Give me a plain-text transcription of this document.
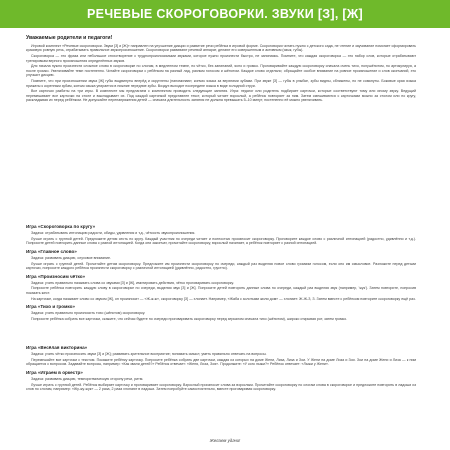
РЕЧЕВЫЕ СКОРОГОВОРКИ. ЗВУКИ [З], [Ж]
Уважаемые родители и педагоги!

Игровой комплект «Речевые скороговорки. Звуки [З] и [Ж]» направлен на улучшение дикции и развитие речи ребёнка в игровой форме. Скороговорки читать нужно с детского сада, не чтение и заучивание помогает сформировать красивую ровную речь, отрабатывать правильное звукопроизношение. Скороговорки развивают речевой аппарат, делают его совершенным и активным (язык, губы).

Скороговорка — это фраза или небольшое стихотворение с труднопроизносимыми звуками, которое нужно произнести быстро, не запинаясь. Помните, что каждая скороговорка — это набор слов, которые отрабатывают тренировкам верного произношения определённых звуков.

Для начала нужно произнести сложное слово в скороговорке по слогам, в медленном темпе, но чётко, без запинаний, ясно и громко. Проговаривайте каждую скороговорку сначала очень тихо, полушёпотом, но артикулируя, а после громко. Увеличивайте темп постепенно. Читайте скороговорки с ребёнком на разный лад, разным голосом и шёпотом. Каждое слово отдельно; обращайте особое внимание на ровное произношение и слов окончаний, это улучшит дикцию.

Помните, что при произношении звука [Ж] губы выдвинуты вперёд и округлены (напоминают, кончик языка за верхними зубами. При звуке [З] — губы в улыбке, зубы видны, сближены, но не сомкнуты. Боковые края языка прижаты к коренным зубам, кончик языка упирается в нижние передние зубы. Воздух выходит посередине языка в виде холодной струи.

Все карточки разбиты на три игры. В комплекте мы предлагаем с комплектом проводить следующие занятия. Игра: педагог или родитель подбирает карточки, которые соответствуют тому или иному звуку. Ведущий перемешивает все карточки на столе и выкладывает их. Под каждой картинкой представлен текст, который читает взрослый, а ребёнок повторяет за ним. Затем смешиваются с карточками можно за столом или по кругу, раскладывая их перед ребёнком. Не допускайте перенапряжения детей — сначала длительность занятия не должна превышать 5–10 минут, постепенно её можно увеличивать.

Игра «Скороговорка по кругу»

Задача: отрабатывать интонацию радости, обиды, удивления и т.д., чёткость звукопроизношения.

Лучше играть с группой детей. Предложите детям сесть по кругу. Каждый участник по очереди читает и полностью произносит скороговорку. Проговорите каждое слово с различной интонацией (радостно, удивлённо и т.д.). Попросите детей повторить данные слова с разной интонацией. Когда они закончат, прочитайте скороговорку, взрослый начинает, а ребёнок повторяет с разной интонацией.

Игра «Главное слово»

Задача: развивать дикцию, слуховое внимание.

Лучше играть с группой детей. Прочитайте детям скороговорку. Предложите им произнести скороговорку по очереди, каждый раз выделяя новое слово громким голосом, если оно им смысловое. Разложите перед детьми карточки, попросите каждого ребёнка произнести скороговорку с различной интонацией (удивлённо, радостно, грустно).

Игра «Произносим чётко»

Задача: учить правильно называть слова со звуками [З] и [Ж], имитировать действия, чётко проговаривать скороговорку.

Попросите ребёнка повторить каждую слову в скороговорке по очереди, выделяя звук [З] и [Ж]. Попросите детей повторить данные слова по очереди, каждый раз выделяя звук (например, 'жук'). Затем повторите, попросив показать жест.

На карточке, когда называет слово со звуком [Ж], он произносит — «Ж-ж-ж», скороговорку [З] — хлопает. Например, «Жаба с золотыми жили дом» — хлопает: Ж-Ж-З, З. Затем вместе с ребёнком повторите скороговорку ещё раз.

Игра «Тихо и громко»

Задача: учить правильно произносить тихо (шёпотом) скороговорку.

Попросите ребёнка собрать все карточки, скажите, что сейчас будете по очереди проговаривать скороговорку перед зеркалом сначала тихо (шёпотом), широко открывая рот, затем громко.

Игра «Весёлая викторина»

Задача: учить чётко произносить звуки [З] и [Ж]; развивать зрительное восприятие; понимать смысл; уметь правильно отвечать на вопросы.

Перемешайте все карточки с текстом. Покажите ребёнку карточку. Попросите ребёнка собрать две карточки, каждая из которых на доме Жени, Лиза, Лиза и Зои. У Жени на доме Лиза и Зои. Зои на доме Жени и Лиза — к ним обращается с вопросом. Задавайте вопросы, например: «Как звали детей?» Ребёнок отвечает: «Женя, Лиза, Зоя». Продолжите: «У кого лыжи?» Ребёнок отвечает: «Лыжи у Жени».

Игра «Играем в оркестр»

Задача: развивать дикцию, темпоритмическую сторону речи, ритм.

Лучше играть с группой детей. Ребёнок выбирает карточку и проговаривает скороговорку. Взрослый произносит слова за взрослым. Прочитайте скороговорку по слогам слова в скороговорке и предложите повторить в ладоши из слов по слогам, например: «Жу-жу-жук» — 2 раза, 2 раза хлопают в ладоши. Затем попробуйте самостоятельно, вместе проговаривая скороговорку.

Желаем удачи!
